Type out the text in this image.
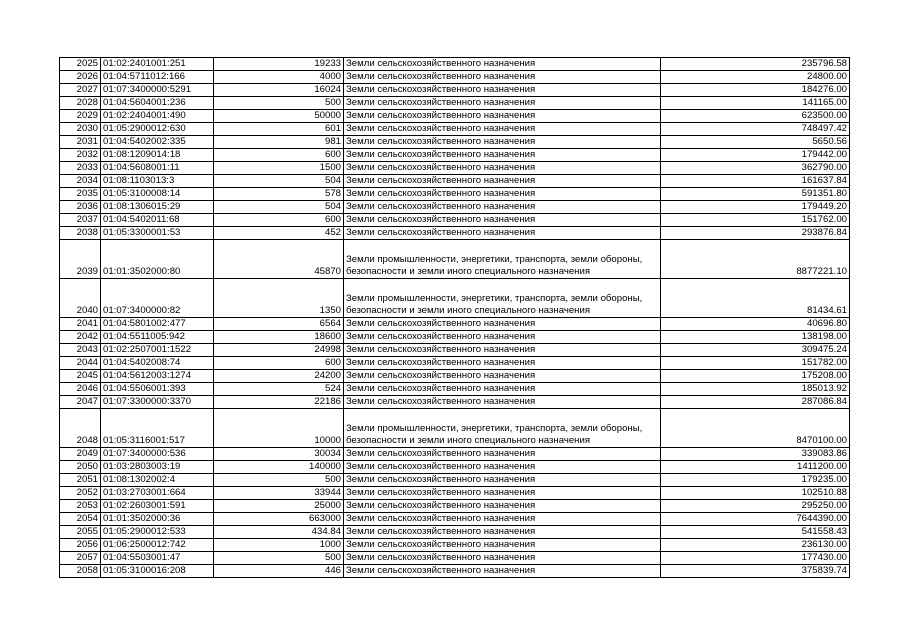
2025	01:02:2401001:251	19233	Земли сельскохозяйственного назначения	235796.58
2026	01:04:5711012:166	4000	Земли сельскохозяйственного назначения	24800.00
2027	01:07:3400000:5291	16024	Земли сельскохозяйственного назначения	184276.00
2028	01:04:5604001:236	500	Земли сельскохозяйственного назначения	141165.00
2029	01:02:2404001:490	50000	Земли сельскохозяйственного назначения	623500.00
2030	01:05:2900012:630	601	Земли сельскохозяйственного назначения	748497.42
2031	01:04:5402002:335	981	Земли сельскохозяйственного назначения	5650.56
2032	01:08:1209014:18	600	Земли сельскохозяйственного назначения	179442.00
2033	01:04:5608001:11	1500	Земли сельскохозяйственного назначения	362790.00
2034	01:08:1103013:3	504	Земли сельскохозяйственного назначения	161637.84
2035	01:05:3100008:14	578	Земли сельскохозяйственного назначения	591351.80
2036	01:08:1306015:29	504	Земли сельскохозяйственного назначения	179449.20
2037	01:04:5402011:68	600	Земли сельскохозяйственного назначения	151762.00
2038	01:05:3300001:53	452	Земли сельскохозяйственного назначения	293876.84
2039	01:01:3502000:80	45870	Земли промышленности, энергетики, транспорта, земли обороны, безопасности и земли иного специального назначения	8877221.10
2040	01:07:3400000:82	1350	Земли промышленности, энергетики, транспорта, земли обороны, безопасности и земли иного специального назначения	81434.61
2041	01:04:5801002:477	6564	Земли сельскохозяйственного назначения	40696.80
2042	01:04:5511005:942	18600	Земли сельскохозяйственного назначения	138198.00
2043	01:02:2507001:1522	24998	Земли сельскохозяйственного назначения	309475.24
2044	01:04:5402008:74	600	Земли сельскохозяйственного назначения	151782.00
2045	01:04:5612003:1274	24200	Земли сельскохозяйственного назначения	175208.00
2046	01:04:5506001:393	524	Земли сельскохозяйственного назначения	185013.92
2047	01:07:3300000:3370	22186	Земли сельскохозяйственного назначения	287086.84
2048	01:05:3116001:517	10000	Земли промышленности, энергетики, транспорта, земли обороны, безопасности и земли иного специального назначения	8470100.00
2049	01:07:3400000:536	30034	Земли сельскохозяйственного назначения	339083.86
2050	01:03:2803003:19	140000	Земли сельскохозяйственного назначения	1411200.00
2051	01:08:1302002:4	500	Земли сельскохозяйственного назначения	179235.00
2052	01:03:2703001:664	33944	Земли сельскохозяйственного назначения	102510.88
2053	01:02:2603001:591	25000	Земли сельскохозяйственного назначения	295250.00
2054	01:01:3502000:36	663000	Земли сельскохозяйственного назначения	7644390.00
2055	01:05:2900012:533	434.84	Земли сельскохозяйственного назначения	541558.43
2056	01:06:2500012:742	1000	Земли сельскохозяйственного назначения	236130.00
2057	01:04:5503001:47	500	Земли сельскохозяйственного назначения	177430.00
2058	01:05:3100016:208	446	Земли сельскохозяйственного назначения	375839.74
